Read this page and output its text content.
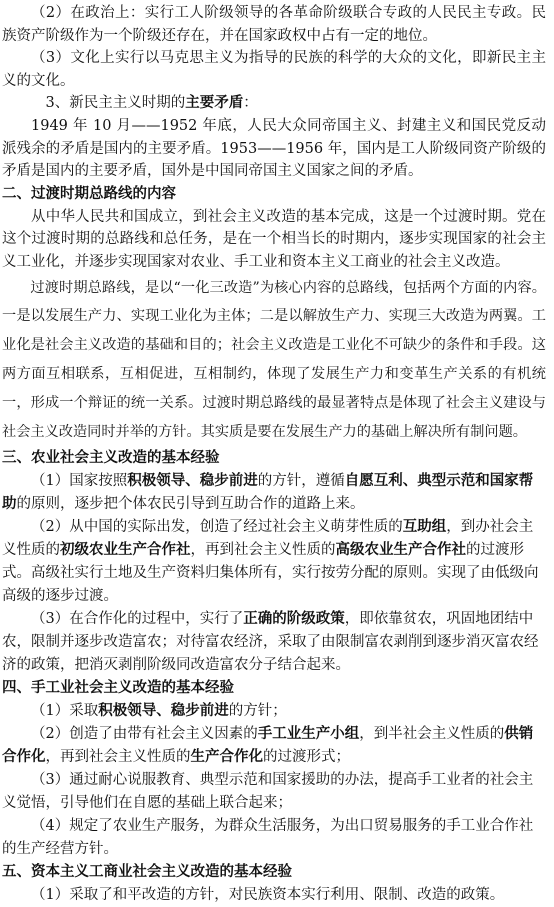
（2）在政治上：实行工人阶级领导的各革命阶级联合专政的人民民主专政。民族资产阶级作为一个阶级还存在，并在国家政权中占有一定的地位。

（3）文化上实行以马克思主义为指导的民族的科学的大众的文化，即新民主主义的文化。

3、新民主主义时期的主要矛盾：

1949 年 10 月——1952 年底，人民大众同帝国主义、封建主义和国民党反动派残余的矛盾是国内的主要矛盾。1953——1956 年，国内是工人阶级同资产阶级的矛盾是国内的主要矛盾，国外是中国同帝国主义国家之间的矛盾。

二、过渡时期总路线的内容

从中华人民共和国成立，到社会主义改造的基本完成，这是一个过渡时期。党在这个过渡时期的总路线和总任务，是在一个相当长的时期内，逐步实现国家的社会主义工业化，并逐步实现国家对农业、手工业和资本主义工商业的社会主义改造。

过渡时期总路线，是以“一化三改造”为核心内容的总路线，包括两个方面的内容。一是以发展生产力、实现工业化为主体；二是以解放生产力、实现三大改造为两翼。工业化是社会主义改造的基础和目的；社会主义改造是工业化不可缺少的条件和手段。这两方面互相联系，互相促进，互相制约，体现了发展生产力和变革生产关系的有机统一，形成一个辩证的统一关系。过渡时期总路线的最显著特点是体现了社会主义建设与社会主义改造同时并举的方针。其实质是要在发展生产力的基础上解决所有制问题。

三、农业社会主义改造的基本经验

（1）国家按照积极领导、稳步前进的方针，遵循自愿互利、典型示范和国家帮助的原则，逐步把个体农民引导到互助合作的道路上来。

（2）从中国的实际出发，创造了经过社会主义萌芽性质的互助组，到办社会主义性质的初级农业生产合作社，再到社会主义性质的高级农业生产合作社的过渡形式。高级社实行土地及生产资料归集体所有，实行按劳分配的原则。实现了由低级向高级的逐步过渡。

（3）在合作化的过程中，实行了正确的阶级政策，即依靠贫农，巩固地团结中农，限制并逐步改造富农；对待富农经济，采取了由限制富农剥削到逐步消灭富农经济的政策，把消灭剥削阶级同改造富农分子结合起来。

四、手工业社会主义改造的基本经验

（1）采取积极领导、稳步前进的方针；

（2）创造了由带有社会主义因素的手工业生产小组，到半社会主义性质的供销合作化，再到社会主义性质的生产合作化的过渡形式；

（3）通过耐心说服教育、典型示范和国家援助的办法，提高手工业者的社会主义觉悟，引导他们在自愿的基础上联合起来；

（4）规定了农业生产服务，为群众生活服务，为出口贸易服务的手工业合作社的生产经营方针。

五、资本主义工商业社会主义改造的基本经验

（1）采取了和平改造的方针，对民族资本实行利用、限制、改造的政策。
